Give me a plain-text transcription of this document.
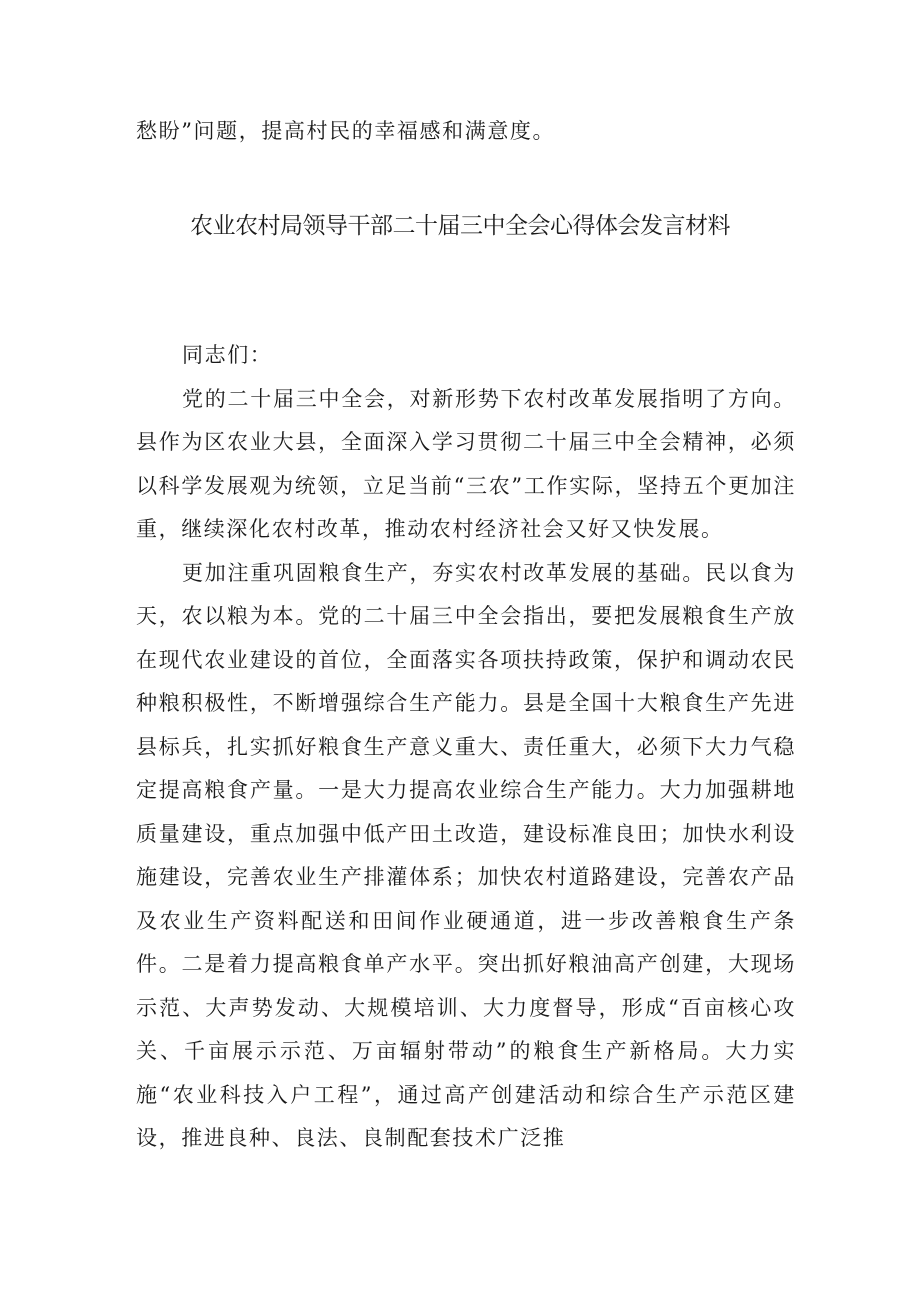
愁盼”问题，提高村民的幸福感和满意度。

农业农村局领导干部二十届三中全会心得体会发言材料

同志们：

党的二十届三中全会，对新形势下农村改革发展指明了方向。县作为区农业大县，全面深入学习贯彻二十届三中全会精神，必须以科学发展观为统领，立足当前“三农”工作实际，坚持五个更加注重，继续深化农村改革，推动农村经济社会又好又快发展。

更加注重巩固粮食生产，夯实农村改革发展的基础。民以食为天，农以粮为本。党的二十届三中全会指出，要把发展粮食生产放在现代农业建设的首位，全面落实各项扶持政策，保护和调动农民种粮积极性，不断增强综合生产能力。县是全国十大粮食生产先进县标兵，扎实抓好粮食生产意义重大、责任重大，必须下大力气稳定提高粮食产量。一是大力提高农业综合生产能力。大力加强耕地质量建设，重点加强中低产田土改造，建设标准良田；加快水利设施建设，完善农业生产排灌体系；加快农村道路建设，完善农产品及农业生产资料配送和田间作业硬通道，进一步改善粮食生产条件。二是着力提高粮食单产水平。突出抓好粮油高产创建，大现场示范、大声势发动、大规模培训、大力度督导，形成“百亩核心攻关、千亩展示示范、万亩辐射带动”的粮食生产新格局。大力实施“农业科技入户工程”，通过高产创建活动和综合生产示范区建设，推进良种、良法、良制配套技术广泛推
